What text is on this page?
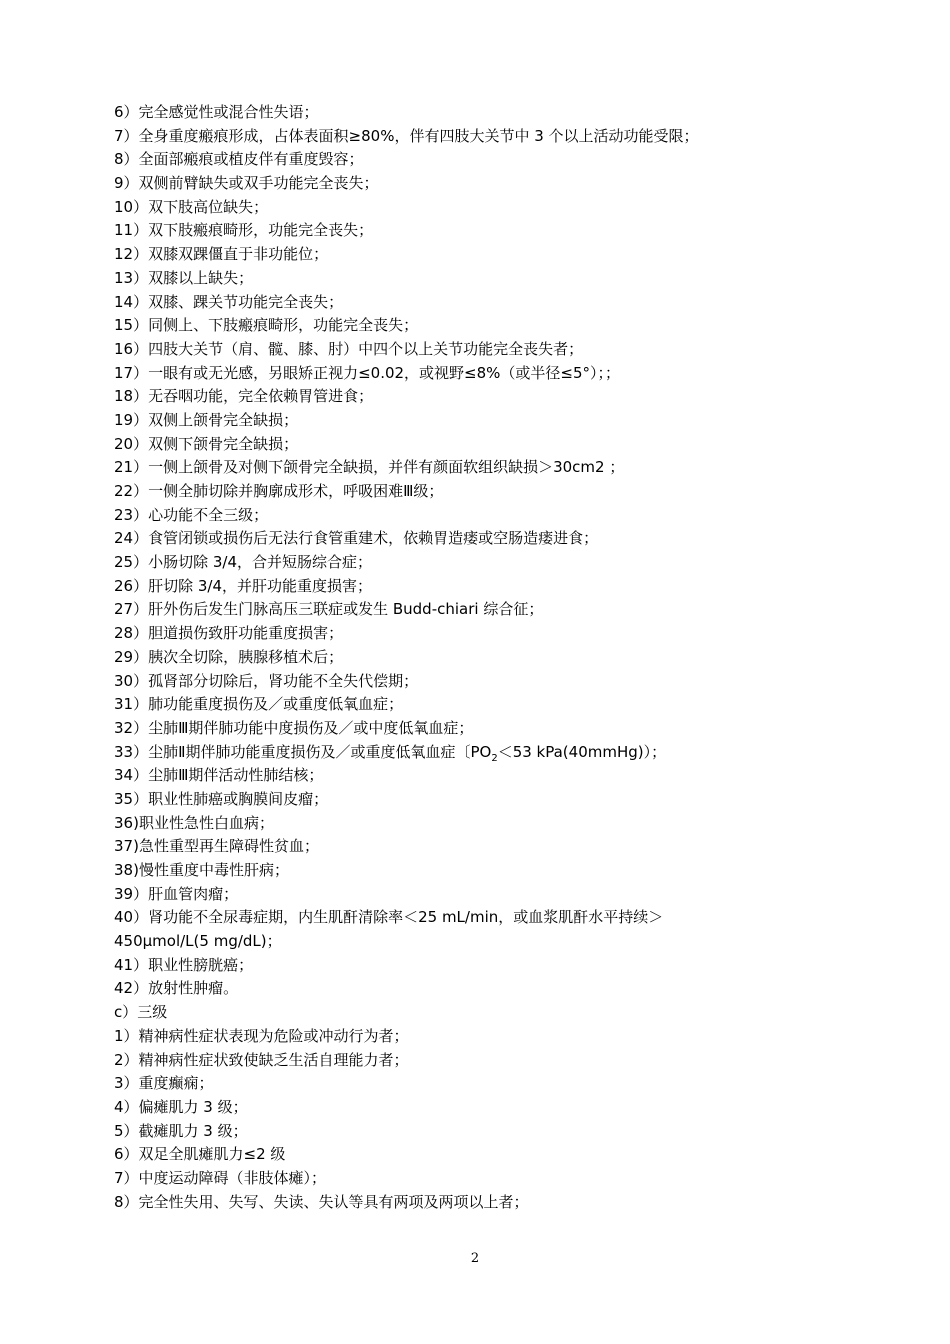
6）完全感觉性或混合性失语；
7）全身重度瘢痕形成，占体表面积≥80%，伴有四肢大关节中 3 个以上活动功能受限；
8）全面部瘢痕或植皮伴有重度毁容；
9）双侧前臂缺失或双手功能完全丧失；
10）双下肢高位缺失；
11）双下肢瘢痕畸形，功能完全丧失；
12）双膝双踝僵直于非功能位；
13）双膝以上缺失；
14）双膝、踝关节功能完全丧失；
15）同侧上、下肢瘢痕畸形，功能完全丧失；
16）四肢大关节（肩、髋、膝、肘）中四个以上关节功能完全丧失者；
17）一眼有或无光感，另眼矫正视力≤0.02，或视野≤8%（或半径≤5°）；；
18）无吞咽功能，完全依赖胃管进食；
19）双侧上颌骨完全缺损；
20）双侧下颌骨完全缺损；
21）一侧上颌骨及对侧下颌骨完全缺损，并伴有颜面软组织缺损＞30cm2 ；
22）一侧全肺切除并胸廓成形术，呼吸困难Ⅲ级；
23）心功能不全三级；
24）食管闭锁或损伤后无法行食管重建术，依赖胃造瘘或空肠造瘘进食；
25）小肠切除 3/4，合并短肠综合症；
26）肝切除 3/4，并肝功能重度损害；
27）肝外伤后发生门脉高压三联症或发生 Budd-chiari 综合征；
28）胆道损伤致肝功能重度损害；
29）胰次全切除，胰腺移植术后；
30）孤肾部分切除后，肾功能不全失代偿期；
31）肺功能重度损伤及／或重度低氧血症；
32）尘肺Ⅲ期伴肺功能中度损伤及／或中度低氧血症；
33）尘肺Ⅱ期伴肺功能重度损伤及／或重度低氧血症〔$PO_2<53$ kPa(40mmHg)）；
34）尘肺Ⅲ期伴活动性肺结核；
35）职业性肺癌或胸膜间皮瘤；
36)职业性急性白血病；
37)急性重型再生障碍性贫血；
38)慢性重度中毒性肝病；
39）肝血管肉瘤；
40）肾功能不全尿毒症期，内生肌酐清除率＜25 mL/min，或血浆肌酐水平持续＞
450μmol/L(5 mg/dL)；
41）职业性膀胱癌；
42）放射性肿瘤。
c）三级
1）精神病性症状表现为危险或冲动行为者；
2）精神病性症状致使缺乏生活自理能力者；
3）重度癫痫；
4）偏瘫肌力 3 级；
5）截瘫肌力 3 级；
6）双足全肌瘫肌力≤2 级
7）中度运动障碍（非肢体瘫）；
8）完全性失用、失写、失读、失认等具有两项及两项以上者；
2
